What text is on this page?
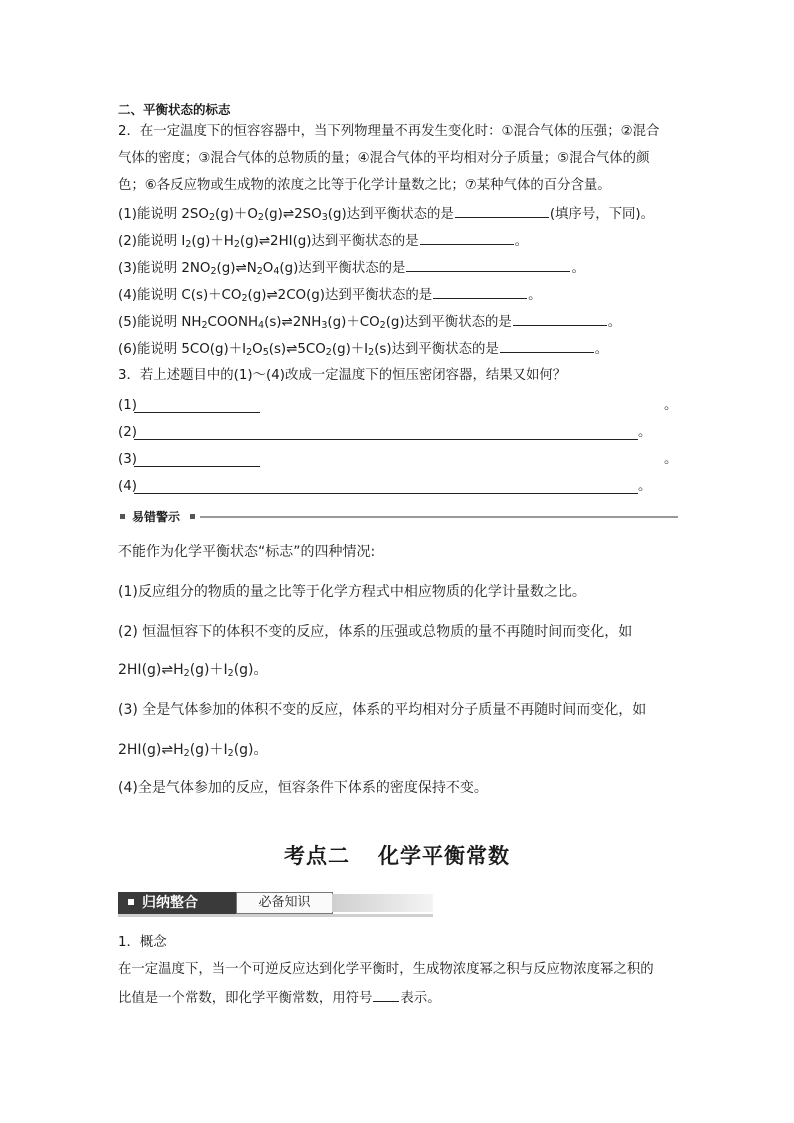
二、平衡状态的标志
2．在一定温度下的恒容容器中，当下列物理量不再发生变化时：①混合气体的压强；②混合
气体的密度；③混合气体的总物质的量；④混合气体的平均相对分子质量；⑤混合气体的颜
色；⑥各反应物或生成物的浓度之比等于化学计量数之比；⑦某种气体的百分含量。
(1)能说明 $2SO_2(g)+O_2(g)\rightleftharpoons 2SO_3(g)$达到平衡状态的是	(填序号，下同)。
(2)能说明 $I_2(g)+H_2(g)\rightleftharpoons 2HI(g)$达到平衡状态的是	。
(3)能说明 $2NO_2(g)\rightleftharpoons N_2O_4(g)$达到平衡状态的是	。
(4)能说明 $C(s)+CO_2(g)\rightleftharpoons 2CO(g)$达到平衡状态的是	。
(5)能说明 $NH_2COONH_4(s)\rightleftharpoons 2NH_3(g)+CO_2(g)$达到平衡状态的是	。
(6)能说明 $5CO(g)+I_2O_5(s)\rightleftharpoons 5CO_2(g)+I_2(s)$达到平衡状态的是	。
3．若上述题目中的(1)～(4)改成一定温度下的恒压密闭容器，结果又如何？
(1)	。
(2)	。
(3)	。
(4)	。
易错警示
不能作为化学平衡状态“标志”的四种情况:
(1)反应组分的物质的量之比等于化学方程式中相应物质的化学计量数之比。
(2) 恒温恒容下的体积不变的反应，体系的压强或总物质的量不再随时间而变化，如
$2HI(g)\rightleftharpoons H_2(g)+I_2(g)$。
(3) 全是气体参加的体积不变的反应，体系的平均相对分子质量不再随时间而变化，如
$2HI(g)\rightleftharpoons H_2(g)+I_2(g)$。
(4)全是气体参加的反应，恒容条件下体系的密度保持不变。
考点二 化学平衡常数
归纳整合	必备知识
1．概念
在一定温度下，当一个可逆反应达到化学平衡时，生成物浓度幂之积与反应物浓度幂之积的
比值是一个常数，即化学平衡常数，用符号 表示。
